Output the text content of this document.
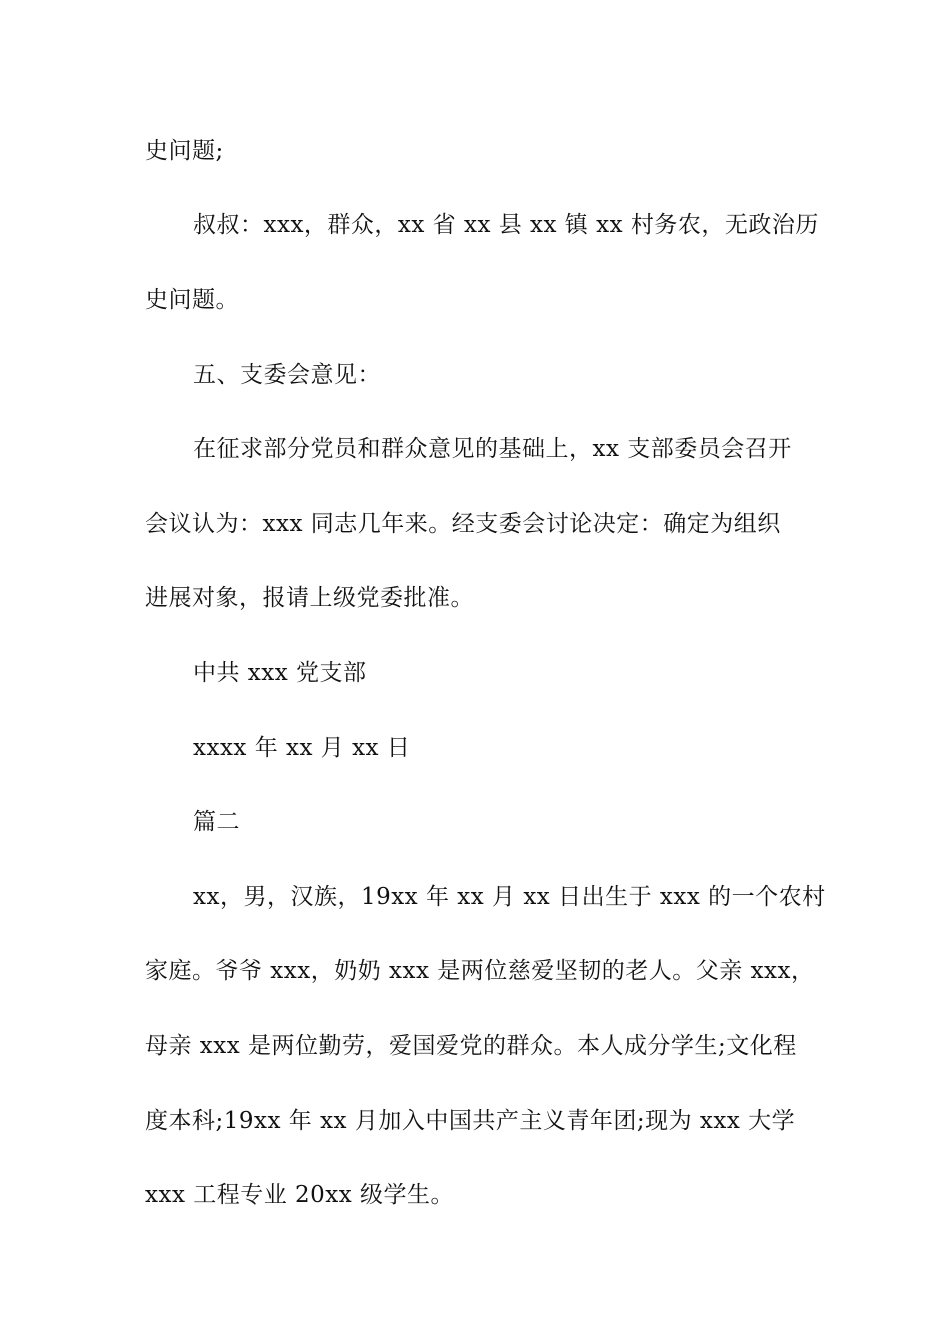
史问题;
叔叔：xxx，群众，xx 省 xx 县 xx 镇 xx 村务农，无政治历
史问题。
五、支委会意见：
在征求部分党员和群众意见的基础上，xx 支部委员会召开
会议认为：xxx 同志几年来。经支委会讨论决定：确定为组织
进展对象，报请上级党委批准。
中共 xxx 党支部
xxxx 年 xx 月 xx 日
篇二
xx，男，汉族，19xx 年 xx 月 xx 日出生于 xxx 的一个农村
家庭。爷爷 xxx，奶奶 xxx 是两位慈爱坚韧的老人。父亲 xxx，
母亲 xxx 是两位勤劳，爱国爱党的群众。本人成分学生;文化程
度本科;19xx 年 xx 月加入中国共产主义青年团;现为 xxx 大学
xxx 工程专业 20xx 级学生。
